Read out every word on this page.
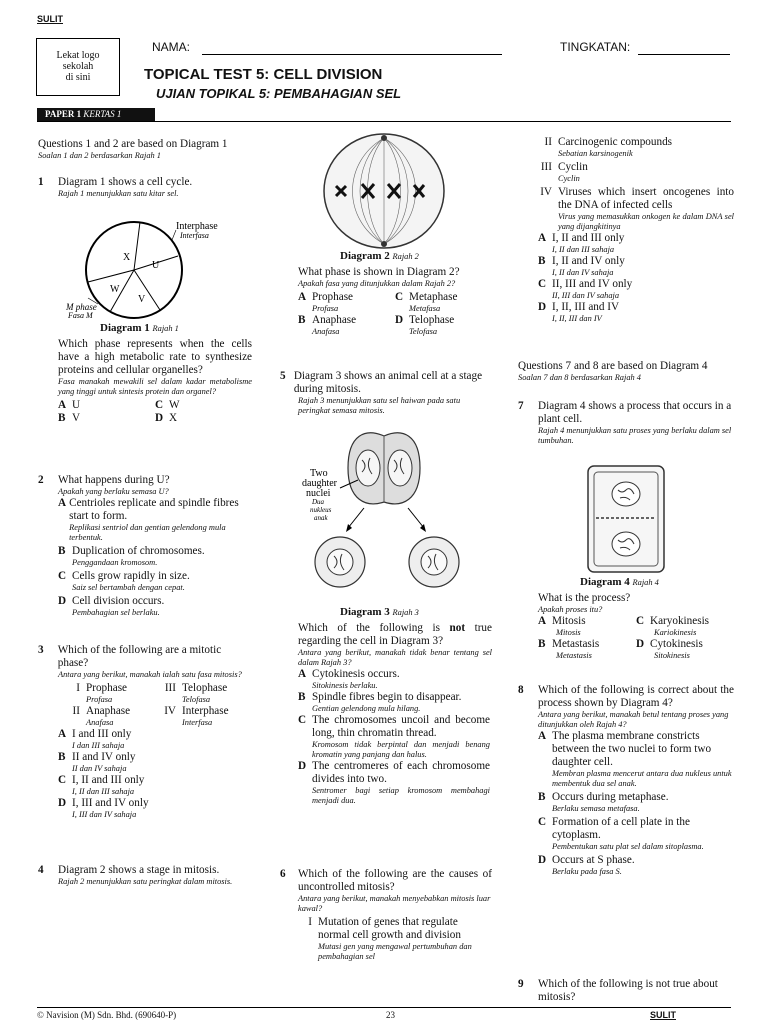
SULIT
Lekat logo
sekolah
di sini
NAMA:	TINGKATAN:
TOPICAL TEST 5: CELL DIVISION
UJIAN TOPIKAL 5: PEMBAHAGIAN SEL
PAPER 1 KERTAS 1
Questions 1 and 2 are based on Diagram 1
Soalan 1 dan 2 berdasarkan Rajah 1
1	Diagram 1 shows a cell cycle.
Rajah 1 menunjukkan satu kitar sel.
X
U
W
V
Interphase
Interfasa
M phase
Fasa M
Diagram 1 Rajah 1
Which phase represents when the cells have a high metabolic rate to synthesize proteins and cellular organelles?
Fasa manakah mewakili sel dalam kadar metabolisme yang tinggi untuk sintesis protein dan organel?
A U	C W
B V	D X
2	What happens during U?
Apakah yang berlaku semasa U?
A Centrioles replicate and spindle fibres start to form.
Replikasi sentriol dan gentian gelendong mula terbentuk.
B Duplication of chromosomes.
Penggandaan kromosom.
C Cells grow rapidly in size.
Saiz sel bertambah dengan cepat.
D Cell division occurs.
Pembahagian sel berlaku.
3	Which of the following are a mitotic phase?
Antara yang berikut, manakah ialah satu fasa mitosis?
I Prophase
Profasa
III Telophase
Telofasa
II Anaphase
Anafasa
IV Interphase
Interfasa
A I and III only
I dan III sahaja
B II and IV only
II dan IV sahaja
C I, II and III only
I, II dan III sahaja
D I, III and IV only
I, III dan IV sahaja
4	Diagram 2 shows a stage in mitosis.
Rajah 2 menunjukkan satu peringkat dalam mitosis.
Diagram 2 Rajah 2
What phase is shown in Diagram 2?
Apakah fasa yang ditunjukkan dalam Rajah 2?
A Prophase
Profasa
C Metaphase
Metafasa
B Anaphase
Anafasa
D Telophase
Telofasa
5 Diagram 3 shows an animal cell at a stage during mitosis.
Rajah 3 menunjukkan satu sel haiwan pada satu peringkat semasa mitosis.
Two
daughter
nuclei
Dua
nukleus
anak
Diagram 3 Rajah 3
Which of the following is not true regarding the cell in Diagram 3?
Antara yang berikut, manakah tidak benar tentang sel dalam Rajah 3?
A Cytokinesis occurs.
Sitokinesis berlaku.
B Spindle fibres begin to disappear.
Gentian gelendong mula hilang.
C The chromosomes uncoil and become long, thin chromatin thread.
Kromosom tidak berpintal dan menjadi benang kromatin yang panjang dan halus.
D The centromeres of each chromosome divides into two.
Sentromer bagi setiap kromosom membahagi menjadi dua.
6	Which of the following are the causes of uncontrolled mitosis?
Antara yang berikut, manakah menyebabkan mitosis luar kawal?
I Mutation of genes that regulate normal cell growth and division
Mutasi gen yang mengawal pertumbuhan dan pembahagian sel
II Carcinogenic compounds
Sebatian karsinogenik
III Cyclin
Cyclin
IV Viruses which insert oncogenes into the DNA of infected cells
Virus yang memasukkan onkogen ke dalam DNA sel yang dijangkitinya
A I, II and III only
I, II dan III sahaja
B I, II and IV only
I, II dan IV sahaja
C II, III and IV only
II, III dan IV sahaja
D I, II, III and IV
I, II, III dan IV
Questions 7 and 8 are based on Diagram 4
Soalan 7 dan 8 berdasarkan Rajah 4
7	Diagram 4 shows a process that occurs in a plant cell.
Rajah 4 menunjukkan satu proses yang berlaku dalam sel tumbuhan.
Diagram 4 Rajah 4
What is the process?
Apakah proses itu?
A Mitosis
Mitosis
C Karyokinesis
Kariokinesis
B Metastasis
Metastasis
D Cytokinesis
Sitokinesis
8	Which of the following is correct about the process shown by Diagram 4?
Antara yang berikut, manakah betul tentang proses yang ditunjukkan oleh Rajah 4?
A The plasma membrane constricts between the two nuclei to form two daughter cell.
Membran plasma mencerut antara dua nukleus untuk membentuk dua sel anak.
B Occurs during metaphase.
Berlaku semasa metafasa.
C Formation of a cell plate in the cytoplasm.
Pembentukan satu plat sel dalam sitoplasma.
D Occurs at S phase.
Berlaku pada fasa S.
9	Which of the following is not true about mitosis?
© Navision (M) Sdn. Bhd. (690640-P)	23	SULIT
